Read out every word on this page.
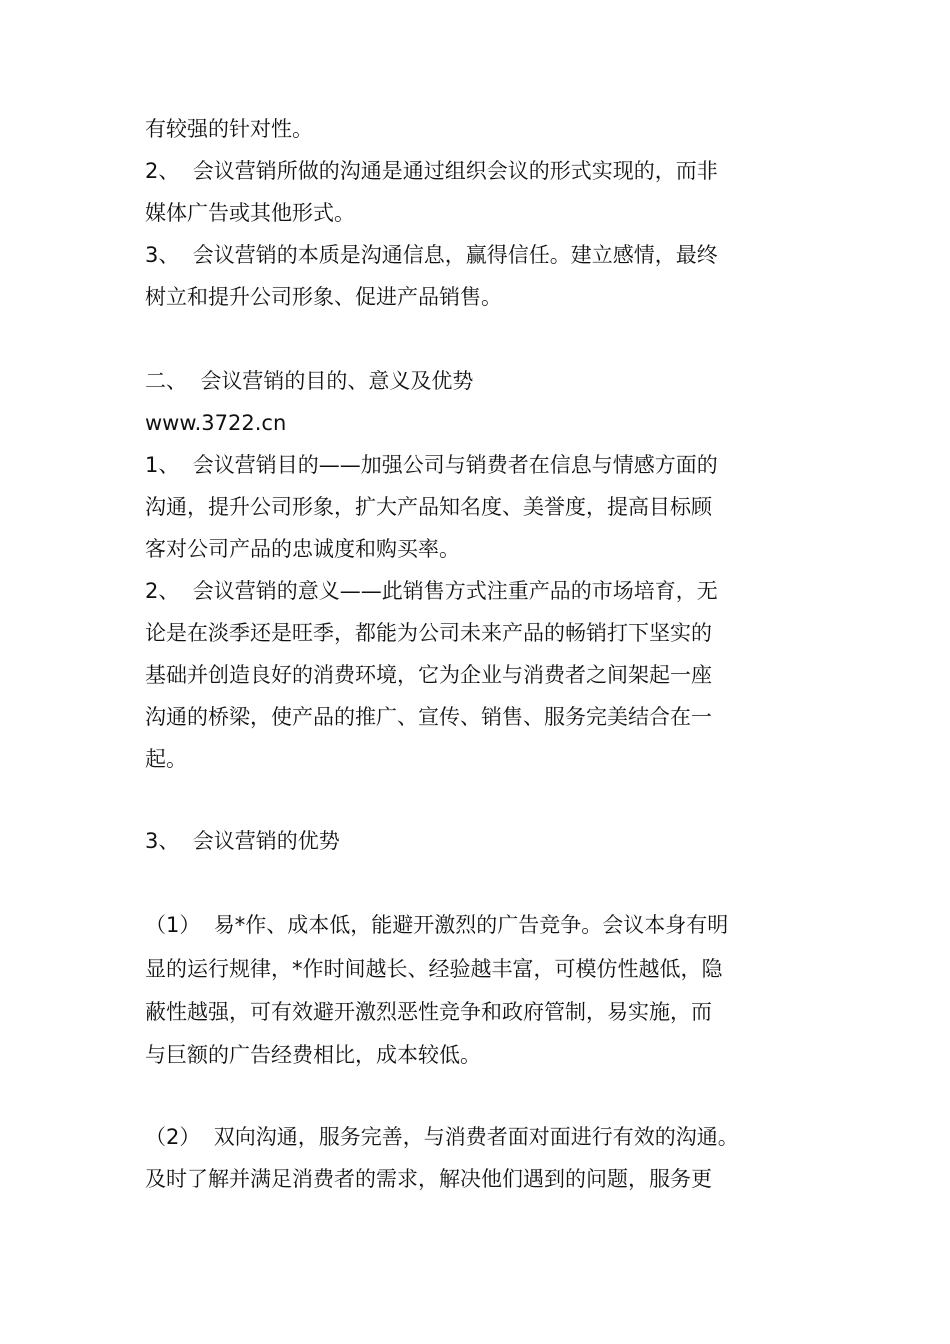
有较强的针对性。

2、  会议营销所做的沟通是通过组织会议的形式实现的，而非

媒体广告或其他形式。

3、  会议营销的本质是沟通信息，赢得信任。建立感情，最终

树立和提升公司形象、促进产品销售。

二、  会议营销的目的、意义及优势

www.3722.cn

1、  会议营销目的——加强公司与销费者在信息与情感方面的

沟通，提升公司形象，扩大产品知名度、美誉度，提高目标顾

客对公司产品的忠诚度和购买率。

2、  会议营销的意义——此销售方式注重产品的市场培育，无

论是在淡季还是旺季，都能为公司未来产品的畅销打下坚实的

基础并创造良好的消费环境，它为企业与消费者之间架起一座

沟通的桥梁，使产品的推广、宣传、销售、服务完美结合在一

起。

3、  会议营销的优势

（1）  易*作、成本低，能避开激烈的广告竞争。会议本身有明

显的运行规律，*作时间越长、经验越丰富，可模仿性越低，隐

蔽性越强，可有效避开激烈恶性竞争和政府管制，易实施，而

与巨额的广告经费相比，成本较低。

（2）  双向沟通，服务完善，与消费者面对面进行有效的沟通。

及时了解并满足消费者的需求，解决他们遇到的问题，服务更
